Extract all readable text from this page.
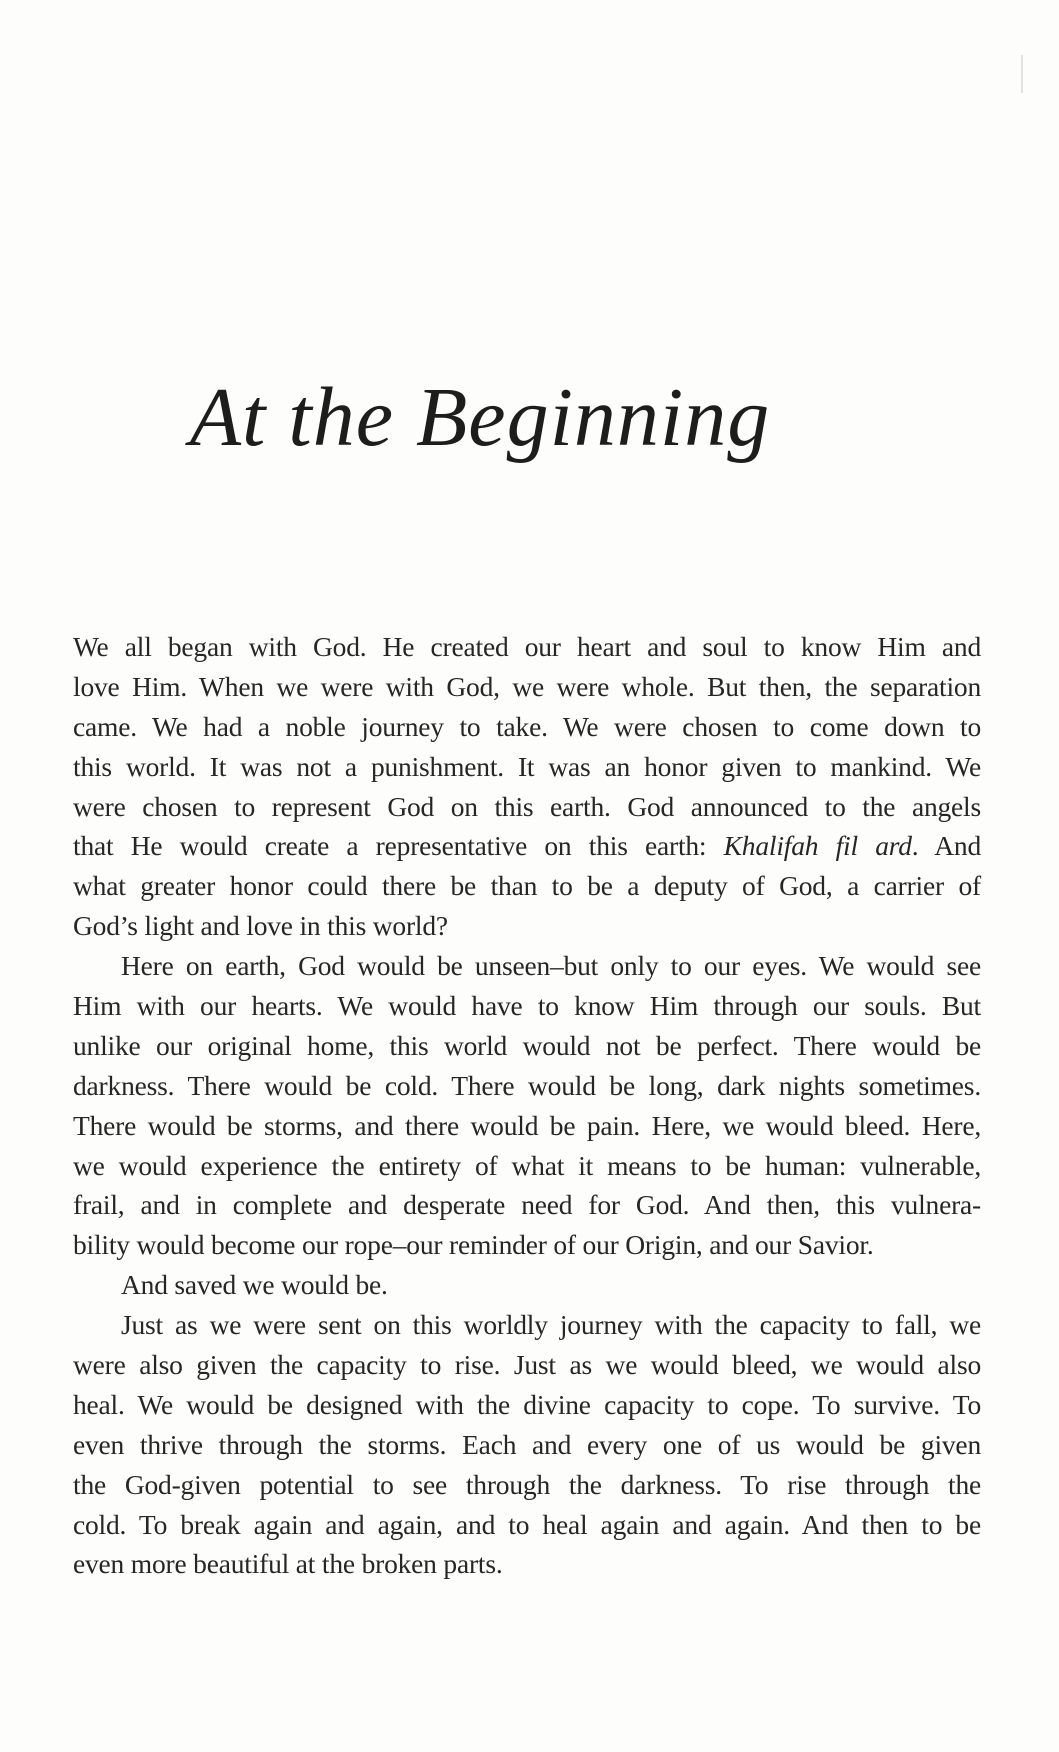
At the Beginning
We all began with God. He created our heart and soul to know Him and
love Him. When we were with God, we were whole. But then, the separation
came. We had a noble journey to take. We were chosen to come down to
this world. It was not a punishment. It was an honor given to mankind. We
were chosen to represent God on this earth. God announced to the angels
that He would create a representative on this earth: Khalifah fil ard. And
what greater honor could there be than to be a deputy of God, a carrier of
God’s light and love in this world?
Here on earth, God would be unseen–but only to our eyes. We would see
Him with our hearts. We would have to know Him through our souls. But
unlike our original home, this world would not be perfect. There would be
darkness. There would be cold. There would be long, dark nights sometimes.
There would be storms, and there would be pain. Here, we would bleed. Here,
we would experience the entirety of what it means to be human: vulnerable,
frail, and in complete and desperate need for God. And then, this vulnera-
bility would become our rope–our reminder of our Origin, and our Savior.
And saved we would be.
Just as we were sent on this worldly journey with the capacity to fall, we
were also given the capacity to rise. Just as we would bleed, we would also
heal. We would be designed with the divine capacity to cope. To survive. To
even thrive through the storms. Each and every one of us would be given
the God-given potential to see through the darkness. To rise through the
cold. To break again and again, and to heal again and again. And then to be
even more beautiful at the broken parts.
